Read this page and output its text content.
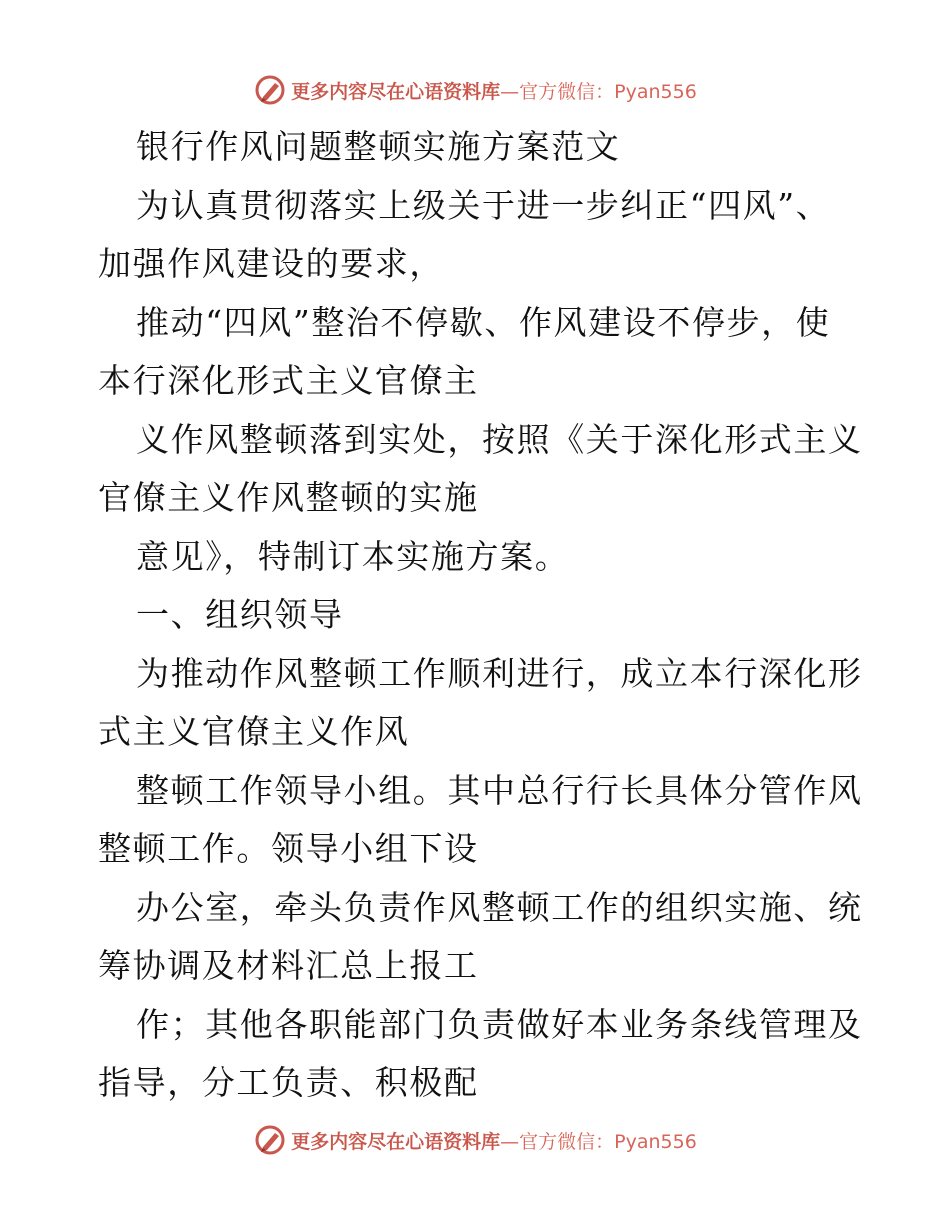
更多内容尽在心语资料库—官方微信：Pyan556
银行作风问题整顿实施方案范文
为认真贯彻落实上级关于进一步纠正“四风”、
加强作风建设的要求，
推动“四风”整治不停歇、作风建设不停步，使
本行深化形式主义官僚主
义作风整顿落到实处，按照《关于深化形式主义
官僚主义作风整顿的实施
意见》，特制订本实施方案。
一、组织领导
为推动作风整顿工作顺利进行，成立本行深化形
式主义官僚主义作风
整顿工作领导小组。其中总行行长具体分管作风
整顿工作。领导小组下设
办公室，牵头负责作风整顿工作的组织实施、统
筹协调及材料汇总上报工
作；其他各职能部门负责做好本业务条线管理及
指导，分工负责、积极配
更多内容尽在心语资料库—官方微信：Pyan556
